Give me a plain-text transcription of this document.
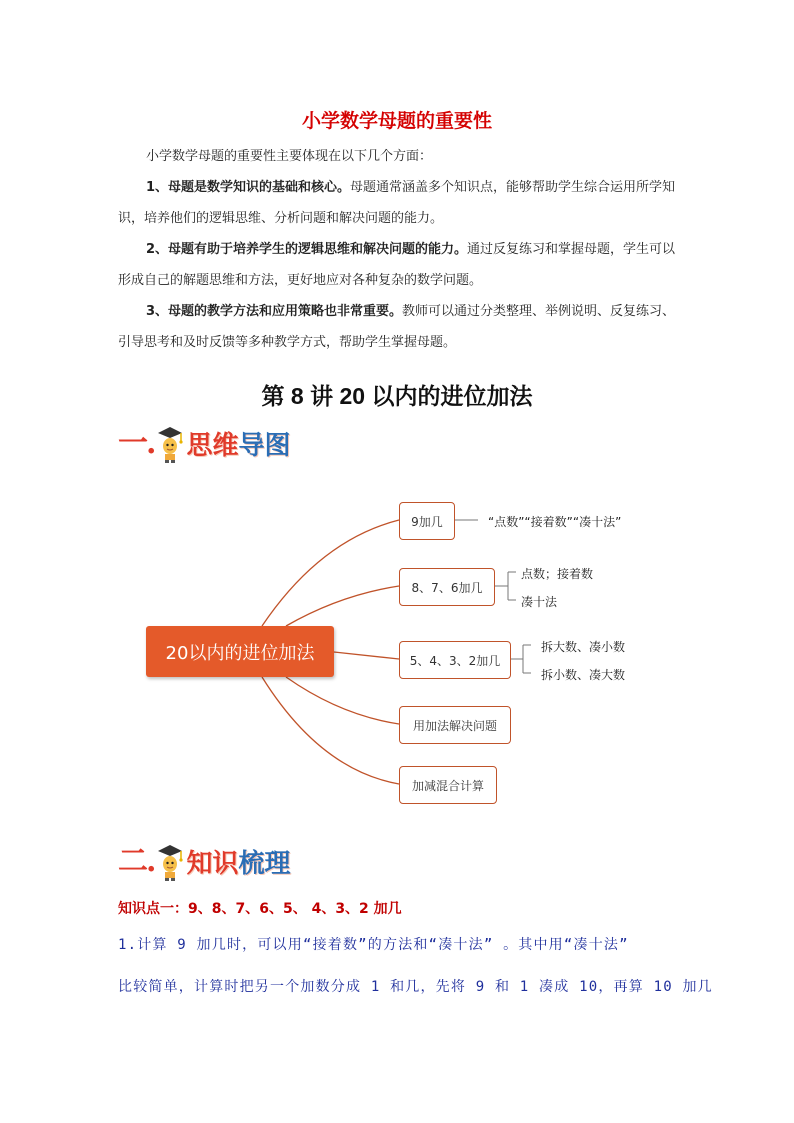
小学数学母题的重要性
小学数学母题的重要性主要体现在以下几个方面：
1、母题是数学知识的基础和核心。母题通常涵盖多个知识点，能够帮助学生综合运用所学知识，培养他们的逻辑思维、分析问题和解决问题的能力。
2、母题有助于培养学生的逻辑思维和解决问题的能力。通过反复练习和掌握母题，学生可以形成自己的解题思维和方法，更好地应对各种复杂的数学问题。
3、母题的教学方法和应用策略也非常重要。教师可以通过分类整理、举例说明、反复练习、引导思考和及时反馈等多种教学方式，帮助学生掌握母题。
第 8 讲 20 以内的进位加法
一. 思维导图
20以内的进位加法
9加几
8、7、6加几
5、4、3、2加几
用加法解决问题
加减混合计算
“点数”“接着数”“凑十法”
点数；接着数
凑十法
拆大数、凑小数
拆小数、凑大数
二. 知识梳理
知识点一：9、8、7、6、5、 4、3、2 加几
1.计算 9 加几时，可以用“接着数”的方法和“凑十法” 。其中用“凑十法”
比较简单，计算时把另一个加数分成 1 和几，先将 9 和 1 凑成 10，再算 10 加几
